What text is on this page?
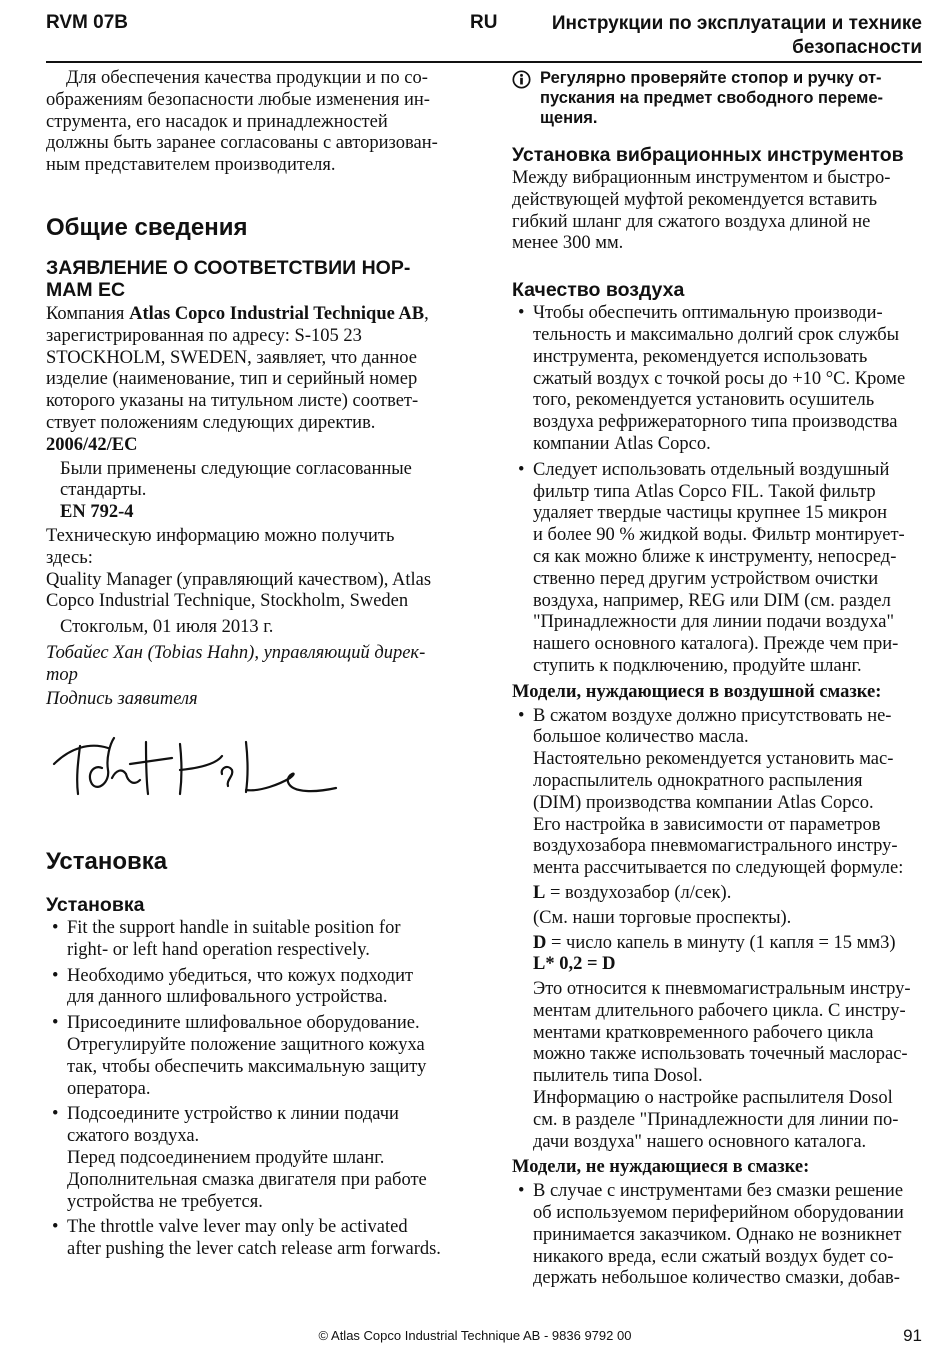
RVM 07B	RU	Инструкции по эксплуатации и технике
безопасности
Для обеспечения качества продукции и по со-
ображениям безопасности любые изменения ин-
струмента, его насадок и принадлежностей
должны быть заранее согласованы с авторизован-
ным представителем производителя.
Общие сведения
ЗАЯВЛЕНИЕ О СООТВЕТСТВИИ НОР-
МАМ ЕС
Компания Atlas Copco Industrial Technique AB,
зарегистрированная по адресу: S-105 23
STOCKHOLM, SWEDEN, заявляет, что данное
изделие (наименование, тип и серийный номер
которого указаны на титульном листе) соответ-
ствует положениям следующих директив.
2006/42/EC
Были применены следующие согласованные
стандарты.
EN 792-4
Техническую информацию можно получить
здесь:
Quality Manager (управляющий качеством), Atlas
Copco Industrial Technique, Stockholm, Sweden
Стокгольм, 01 июля 2013 г.
Тобайес Хан (Tobias Hahn), управляющий дирек-
тор
Подпись заявителя
Установка
Установка
• Fit the support handle in suitable position for
right- or left hand operation respectively.
• Необходимо убедиться, что кожух подходит
для данного шлифовального устройства.
• Присоедините шлифовальное оборудование.
Отрегулируйте положение защитного кожуха
так, чтобы обеспечить максимальную защиту
оператора.
• Подсоедините устройство к линии подачи
сжатого воздуха.
Перед подсоединением продуйте шланг.
Дополнительная смазка двигателя при работе
устройства не требуется.
• The throttle valve lever may only be activated
after pushing the lever catch release arm forwards.
Регулярно проверяйте стопор и ручку от-
пускания на предмет свободного переме-
щения.
Установка вибрационных инструментов
Между вибрационным инструментом и быстро-
действующей муфтой рекомендуется вставить
гибкий шланг для сжатого воздуха длиной не
менее 300 мм.
Качество воздуха
• Чтобы обеспечить оптимальную производи-
тельность и максимально долгий срок службы
инструмента, рекомендуется использовать
сжатый воздух с точкой росы до +10 °C. Кроме
того, рекомендуется установить осушитель
воздуха рефрижераторного типа производства
компании Atlas Copco.
• Следует использовать отдельный воздушный
фильтр типа Atlas Copco FIL. Такой фильтр
удаляет твердые частицы крупнее 15 микрон
и более 90 % жидкой воды. Фильтр монтирует-
ся как можно ближе к инструменту, непосред-
ственно перед другим устройством очистки
воздуха, например, REG или DIM (см. раздел
"Принадлежности для линии подачи воздуха"
нашего основного каталога). Прежде чем при-
ступить к подключению, продуйте шланг.
Модели, нуждающиеся в воздушной смазке:
• В сжатом воздухе должно присутствовать не-
большое количество масла.
Настоятельно рекомендуется установить мас-
лораспылитель однократного распыления
(DIM) производства компании Atlas Copco.
Его настройка в зависимости от параметров
воздухозабора пневмомагистрального инстру-
мента рассчитывается по следующей формуле:
L = воздухозабор (л/сек).
(См. наши торговые проспекты).
D = число капель в минуту (1 капля = 15 мм3)
L* 0,2 = D
Это относится к пневмомагистральным инстру-
ментам длительного рабочего цикла. С инстру-
ментами кратковременного рабочего цикла
можно также использовать точечный маслорас-
пылитель типа Dosol.
Информацию о настройке распылителя Dosol
см. в разделе "Принадлежности для линии по-
дачи воздуха" нашего основного каталога.
Модели, не нуждающиеся в смазке:
• В случае с инструментами без смазки решение
об используемом периферийном оборудовании
принимается заказчиком. Однако не возникнет
никакого вреда, если сжатый воздух будет со-
держать небольшое количество смазки, добав-
© Atlas Copco Industrial Technique AB - 9836 9792 00	91
